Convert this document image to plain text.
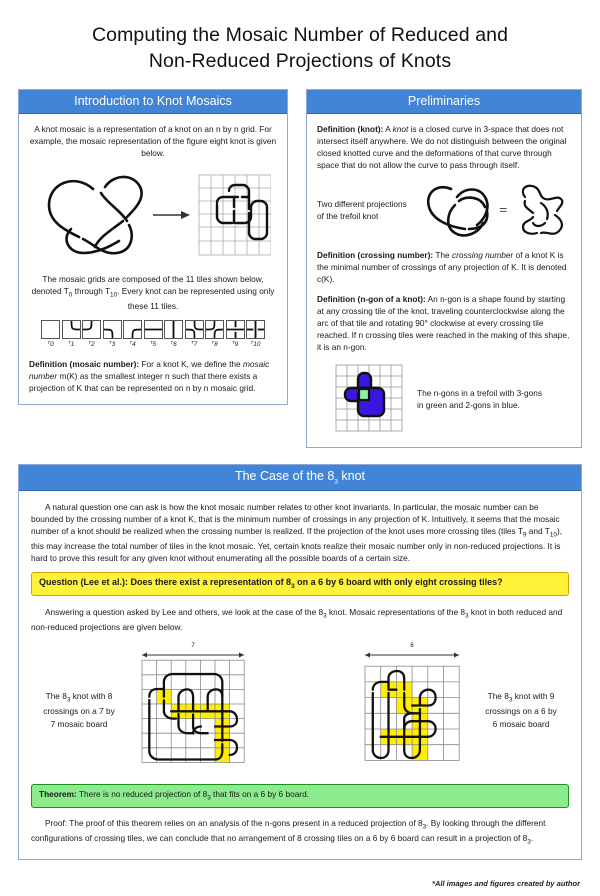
Computing the Mosaic Number of Reduced and
Non-Reduced Projections of Knots
Introduction to Knot Mosaics

A knot mosaic is a representation of a knot on an n by n grid. For example, the mosaic representation of the figure eight knot is given below.

The mosaic grids are composed of the 11 tiles shown below, denoted $T_0$ through $T_{10}$. Every knot can be represented using only these 11 tiles.

$T_0$	$T_1$	$T_2$	$T_3$	$T_4$	$T_5$	$T_6$	$T_7$	$T_8$	$T_9$	$T_{10}$

Definition (mosaic number): For a knot K, we define the mosaic number m(K) as the smallest integer n such that there exists a projection of K that can be represented on n by n mosaic grid.

Preliminaries

Definition (knot): A knot is a closed curve in 3-space that does not intersect itself anywhere. We do not distinguish between the original closed knotted curve and the deformations of that curve through space that do not allow the curve to pass through itself.

Two different projections
of the trefoil knot	=

Definition (crossing number): The crossing number of a knot K is the minimal number of crossings of any projection of K. It is denoted c(K).

Definition (n-gon of a knot): An n-gon is a shape found by starting at any crossing tile of the knot, traveling counterclockwise along the arc of that tile and rotating 90° clockwise at every crossing tile reached. If n crossing tiles were reached in the making of this shape, it is an n-gon.

The n-gons in a trefoil with 3-gons
in green and 2-gons in blue.
The Case of the $8_3$ knot

A natural question one can ask is how the knot mosaic number relates to other knot invariants. In particular, the mosaic number can be bounded by the crossing number of a knot K, that is the minimum number of crossings in any projection of K. Intuitively, it seems that the mosaic number of a knot should be realized when the crossing number is realized. If the projection of the knot uses more crossing tiles (tiles $T_9$ and $T_{10}$), this may increase the total number of tiles in the knot mosaic. Yet, certain knots realize their mosaic number only in non-reduced projections. It is hard to prove this result for any given knot without enumerating all the possible boards of a certain size.

Question (Lee et al.): Does there exist a representation of $8_3$ on a 6 by 6 board with only eight crossing tiles?

Answering a question asked by Lee and others, we look at the case of the $8_3$ knot. Mosaic representations of the $8_3$ knot in both reduced and non-reduced projections are given below.

The $8_3$ knot with 8
crossings on a 7 by
7 mosaic board
7	6
The $8_3$ knot with 9
crossings on a 6 by
6 mosaic board
Theorem: There is no reduced projection of $8_3$ that fits on a 6 by 6 board.

Proof: The proof of this theorem relies on an analysis of the n-gons present in a reduced projection of $8_3$. By looking through the different configurations of crossing tiles, we can conclude that no arrangement of 8 crossing tiles on a 6 by 6 board can result in a projection of $8_3$.

*All images and figures created by author
